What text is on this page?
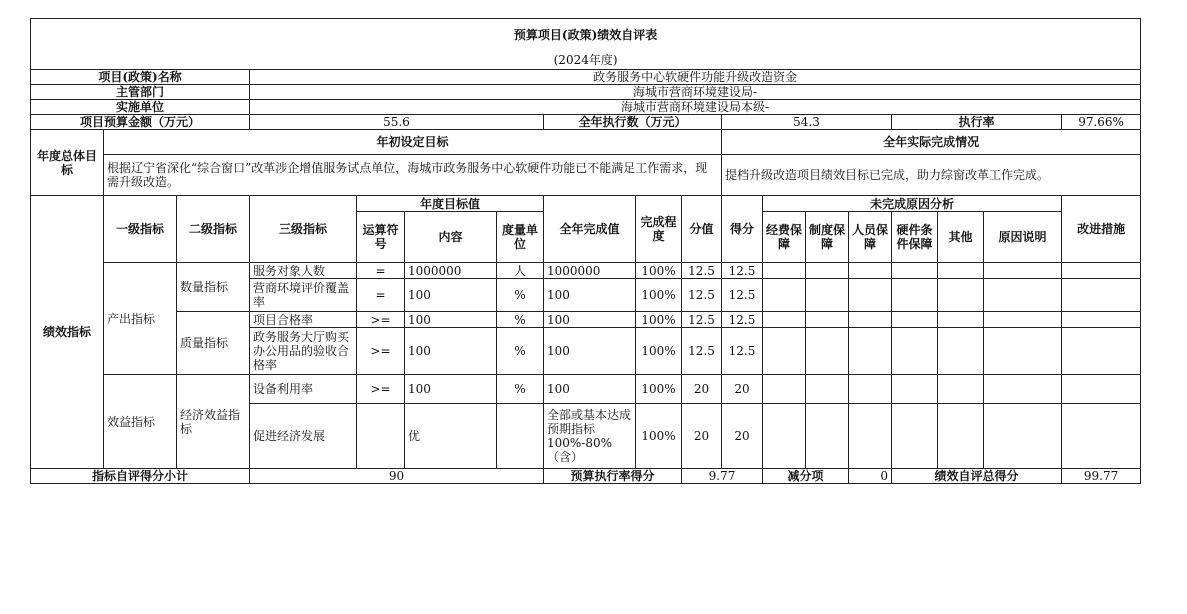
预算项目(政策)绩效自评表																	
(2024年度)																	
项目(政策)名称			政务服务中心软硬件功能升级改造资金														
主管部门			海城市营商环境建设局-														
实施单位			海城市营商环境建设局本级-														
项目预算金额（万元）			55.6				全年执行数（万元）			54.3				执行率			97.66%
年度总体目标	年初设定目标									全年实际完成情况							
	根据辽宁省深化“综合窗口”改革涉企增值服务试点单位，海城市政务服务中心软硬件功能已不能满足工作需求，现需升级改造。									提档升级改造项目绩效目标已完成，助力综窗改革工作完成。							
绩效指标	一级指标	二级指标	三级指标	年度目标值			全年完成值	完成程度	分值	得分	未完成原因分析						改进措施
				运算符号	内容	度量单位					经费保障	制度保障	人员保障	硬件条件保障	其他	原因说明	
	产出指标	数量指标	服务对象人数	=	1000000	人	1000000	100%	12.5	12.5							
			营商环境评价覆盖率	=	100	%	100	100%	12.5	12.5							
		质量指标	项目合格率	>=	100	%	100	100%	12.5	12.5							
			政务服务大厅购买办公用品的验收合格率	>=	100	%	100	100%	12.5	12.5							
	效益指标	经济效益指标	设备利用率	>=	100	%	100	100%	20	20							
			促进经济发展		优		全部或基本达成预期指标100%-80%（含）	100%	20	20							
指标自评得分小计			90				预算执行率得分		9.77		减分项		0	绩效自评总得分			99.77
